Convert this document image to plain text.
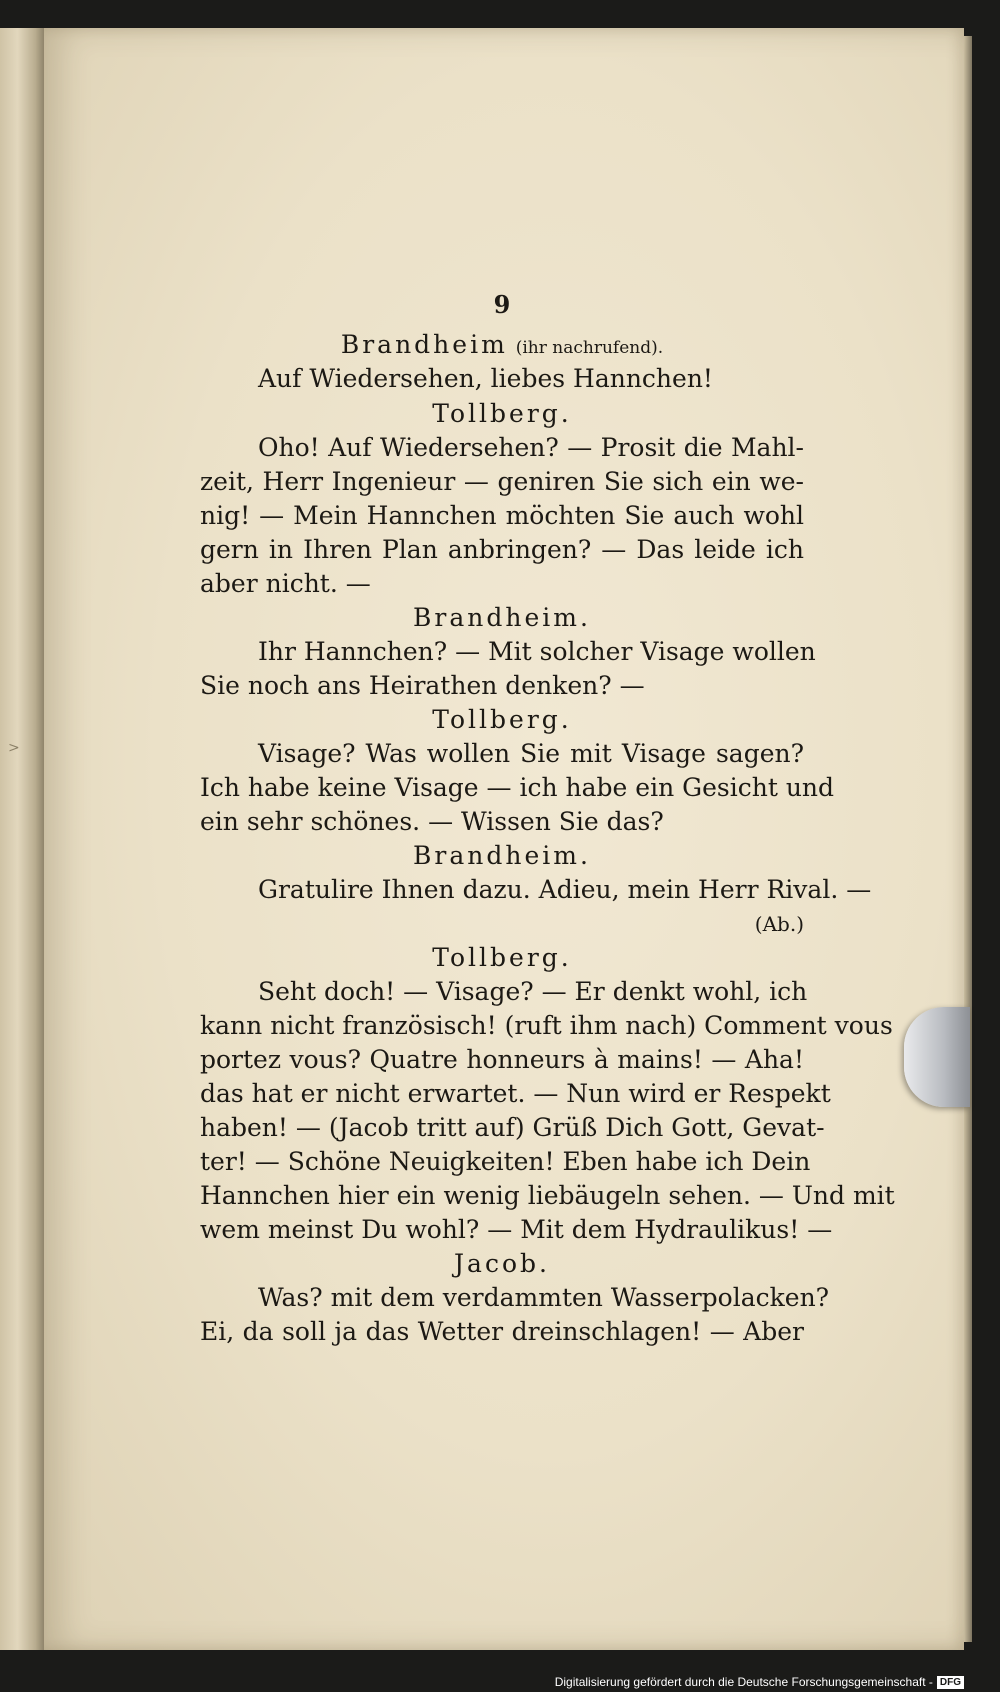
>
9
Brandheim (ihr nachrufend).
Auf Wiedersehen, liebes Hannchen!
Tollberg.
Oho! Auf Wiedersehen? — Prosit die Mahl-
zeit, Herr Ingenieur — geniren Sie sich ein we-
nig! — Mein Hannchen möchten Sie auch wohl
gern in Ihren Plan anbringen? — Das leide ich
aber nicht. —
Brandheim.
Ihr Hannchen? — Mit solcher Visage wollen
Sie noch ans Heirathen denken? —
Tollberg.
Visage? Was wollen Sie mit Visage sagen?
Ich habe keine Visage — ich habe ein Gesicht und
ein sehr schönes. — Wissen Sie das?
Brandheim.
Gratulire Ihnen dazu. Adieu, mein Herr Rival. —
(Ab.)
Tollberg.
Seht doch! — Visage? — Er denkt wohl, ich
kann nicht französisch! (ruft ihm nach) Comment vous
portez vous? Quatre honneurs à mains! — Aha!
das hat er nicht erwartet. — Nun wird er Respekt
haben! — (Jacob tritt auf) Grüß Dich Gott, Gevat-
ter! — Schöne Neuigkeiten! Eben habe ich Dein
Hannchen hier ein wenig liebäugeln sehen. — Und mit
wem meinst Du wohl? — Mit dem Hydraulikus! —
Jacob.
Was? mit dem verdammten Wasserpolacken?
Ei, da soll ja das Wetter dreinschlagen! — Aber
Digitalisierung gefördert durch die Deutsche Forschungsgemeinschaft - DFG
